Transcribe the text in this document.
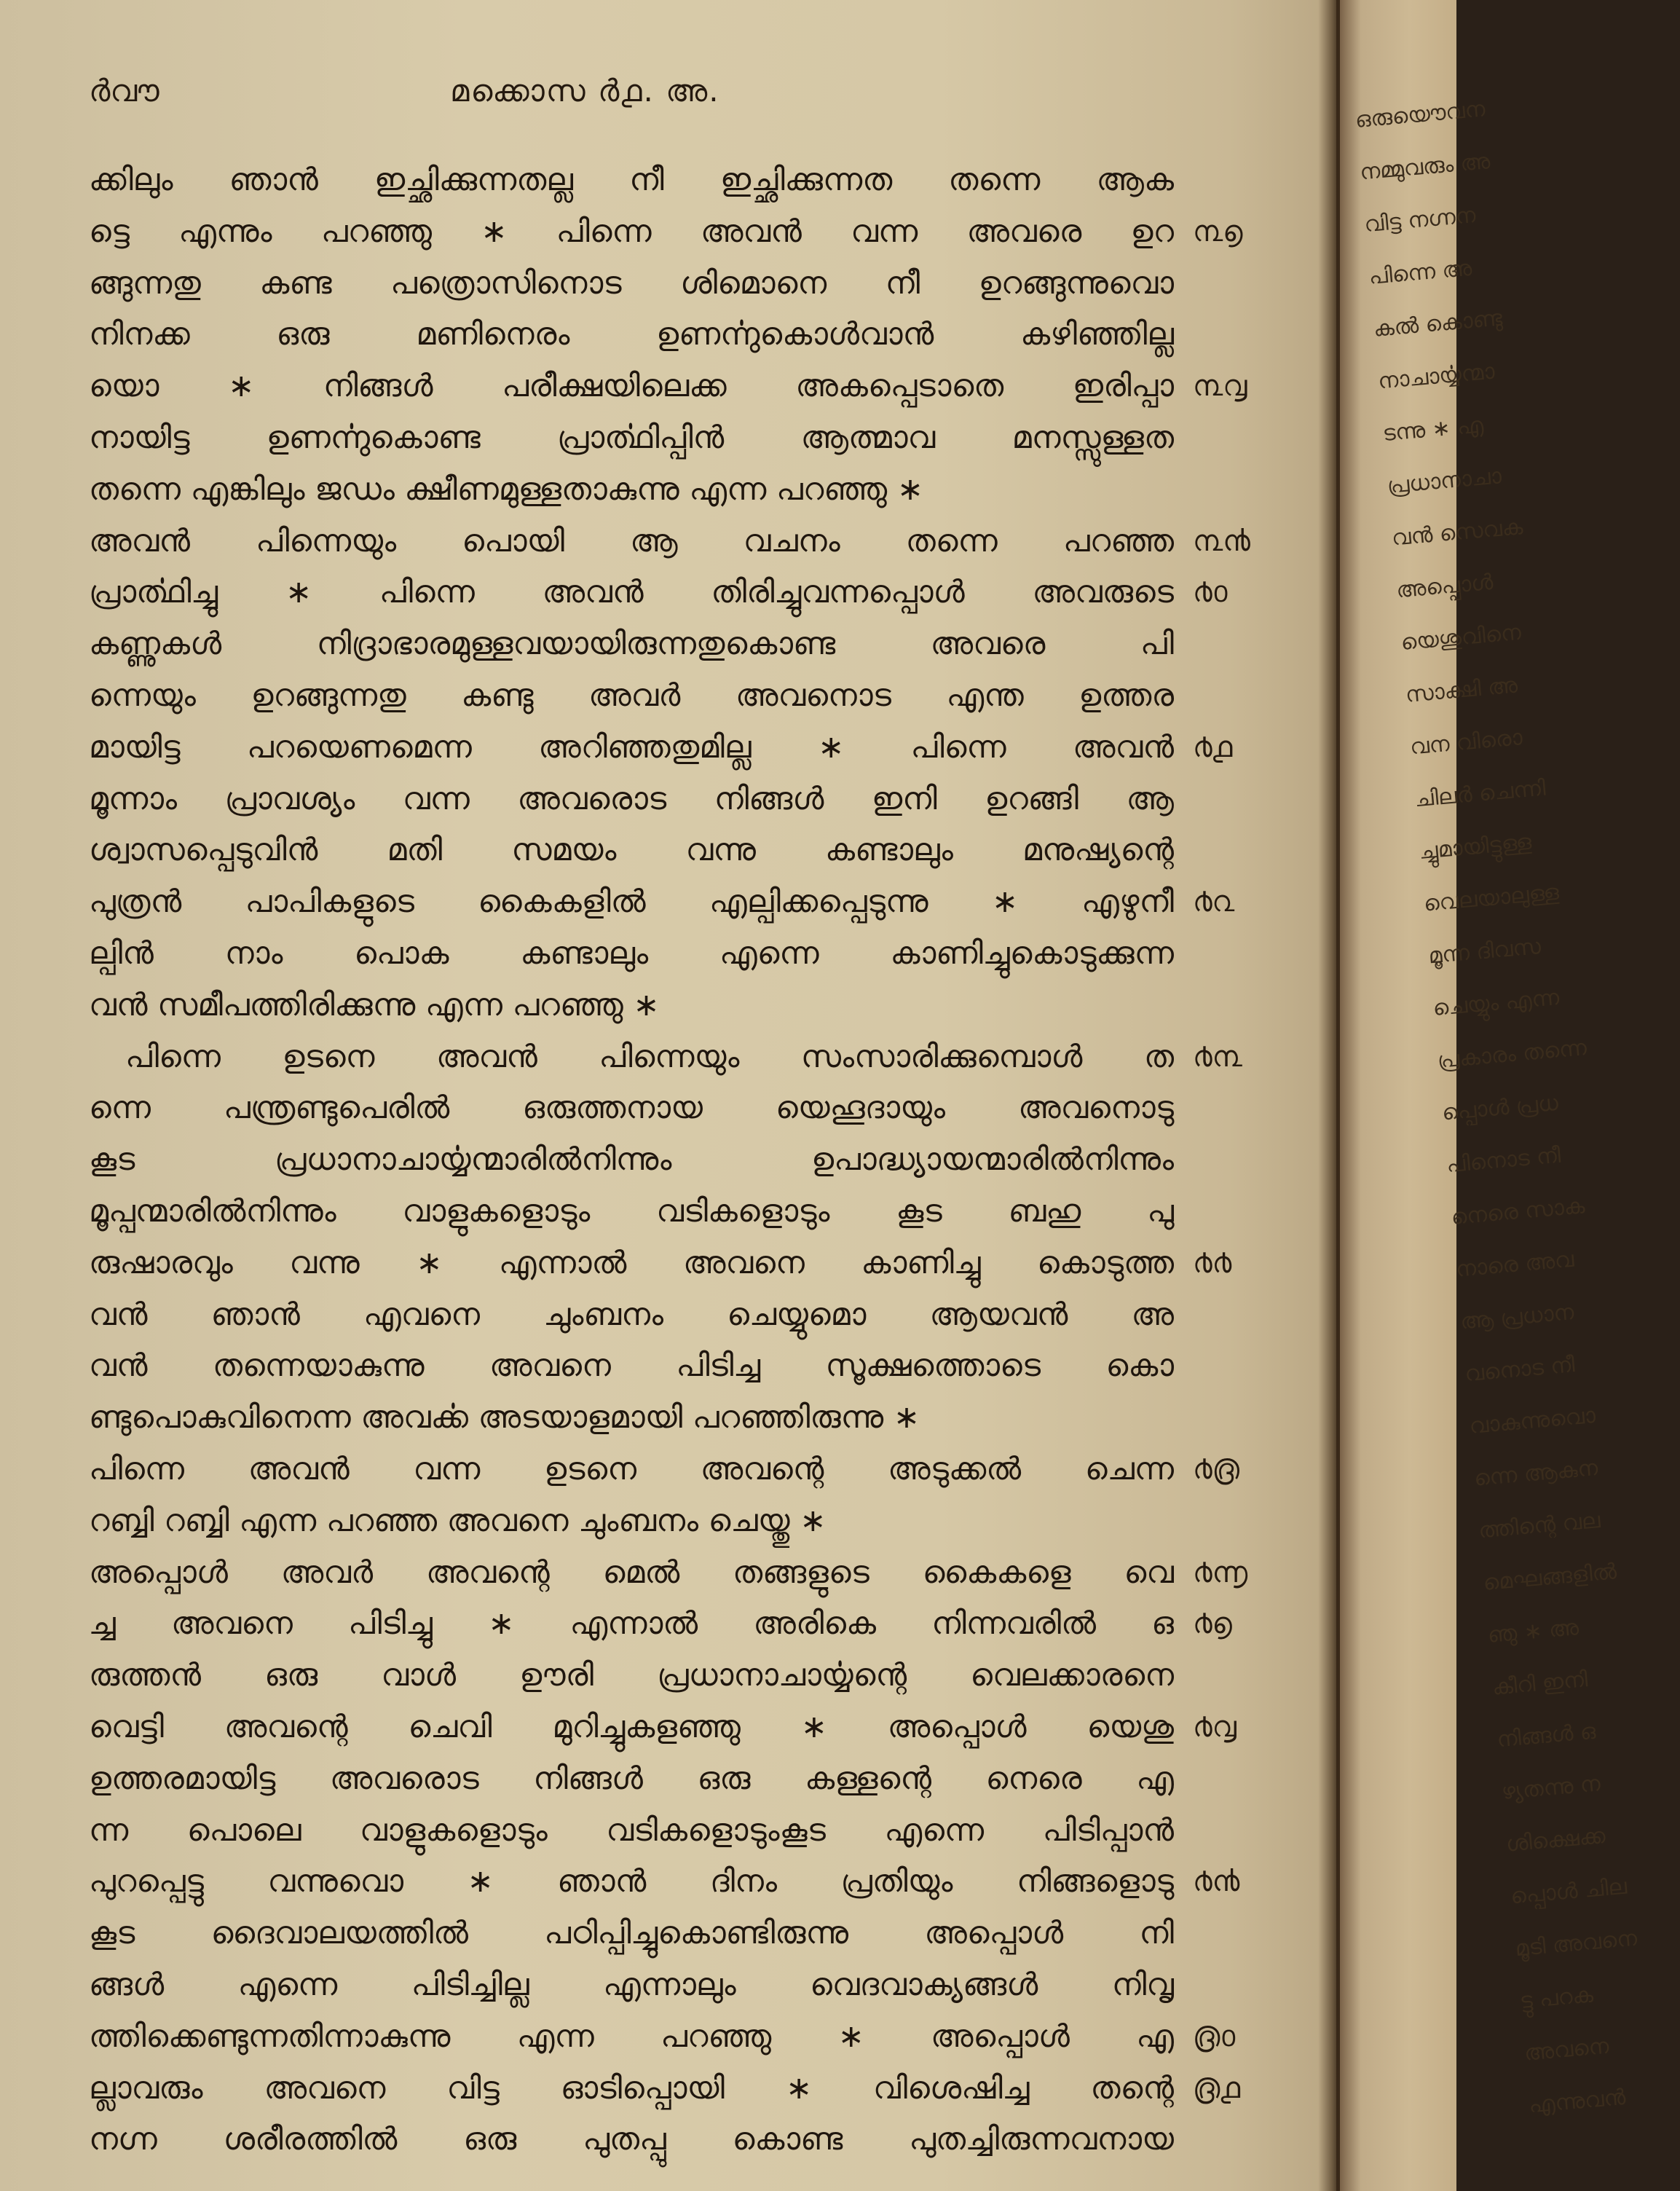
ർവൗ	മക്കൊസ ർ൧. അ.
ക്കിലും ഞാൻ ഇച്ഛിക്കുന്നതല്ല നീ ഇച്ഛിക്കുന്നത തന്നെ ആക
ട്ടെ എന്നും പറഞ്ഞു ∗ പിന്നെ അവൻ വന്ന അവരെ ഉറ ൩൭
ങ്ങുന്നതു കണ്ട പത്രൊസിനൊട ശിമൊനെ നീ ഉറങ്ങുന്നുവൊ
നിനക്ക ഒരു മണിനെരം ഉണൎന്നുകൊൾവാൻ കഴിഞ്ഞില്ല
യൊ ∗ നിങ്ങൾ പരീക്ഷയിലെക്ക അകപ്പെടാതെ ഇരിപ്പാ ൩൮
നായിട്ട ഉണൎന്നുകൊണ്ട പ്രാൎത്ഥിപ്പിൻ ആത്മാവ മനസ്സുള്ളത
തന്നെ എങ്കിലും ജഡം ക്ഷീണമുള്ളതാകുന്നു എന്ന പറഞ്ഞു ∗
അവൻ പിന്നെയും പൊയി ആ വചനം തന്നെ പറഞ്ഞ ൩൯
പ്രാൎത്ഥിച്ചു ∗ പിന്നെ അവൻ തിരിച്ചുവന്നപ്പൊൾ അവരുടെ ൪൦
കണ്ണുകൾ നിദ്രാഭാരമുള്ളവയായിരുന്നതുകൊണ്ട അവരെ പി
ന്നെയും ഉറങ്ങുന്നതു കണ്ടു അവർ അവനൊട എന്ത ഉത്തര
മായിട്ട പറയെണമെന്ന അറിഞ്ഞതുമില്ല ∗ പിന്നെ അവൻ ൪൧
മൂന്നാം പ്രാവശ്യം വന്ന അവരൊട നിങ്ങൾ ഇനി ഉറങ്ങി ആ
ശ്വാസപ്പെടുവിൻ മതി സമയം വന്നു കണ്ടാലും മനുഷ്യന്റെ
പുത്രൻ പാപികളുടെ കൈകളിൽ എല്പിക്കപ്പെടുന്നു ∗ എഴുനീ ൪൨
ല്പിൻ നാം പൊക കണ്ടാലും എന്നെ കാണിച്ചുകൊടുക്കുന്ന
വൻ സമീപത്തിരിക്കുന്നു എന്ന പറഞ്ഞു ∗
പിന്നെ ഉടനെ അവൻ പിന്നെയും സംസാരിക്കുമ്പൊൾ ത ൪൩
ന്നെ പന്ത്രണ്ടുപെരിൽ ഒരുത്തനായ യെഹൂദായും അവനൊടു
കൂട പ്രധാനാചാൎയ്യന്മാരിൽനിന്നും ഉപാദ്ധ്യായന്മാരിൽനിന്നും
മൂപ്പന്മാരിൽനിന്നും വാളുകളൊടും വടികളൊടും കൂട ബഹു പു
രുഷാരവും വന്നു ∗ എന്നാൽ അവനെ കാണിച്ചു കൊടുത്ത ൪൪
വൻ ഞാൻ എവനെ ചുംബനം ചെയ്യുമൊ ആയവൻ അ
വൻ തന്നെയാകുന്നു അവനെ പിടിച്ച സൂക്ഷത്തൊടെ കൊ
ണ്ടുപൊകുവിനെന്ന അവൎക്ക അടയാളമായി പറഞ്ഞിരുന്നു ∗
പിന്നെ അവൻ വന്ന ഉടനെ അവന്റെ അടുക്കൽ ചെന്ന ൪൫
റബ്ബി റബ്ബി എന്ന പറഞ്ഞ അവനെ ചുംബനം ചെയ്തു ∗
അപ്പൊൾ അവർ അവന്റെ മെൽ തങ്ങളുടെ കൈകളെ വെ ൪൬
ച്ച അവനെ പിടിച്ചു ∗ എന്നാൽ അരികെ നിന്നവരിൽ ഒ ൪൭
രുത്തൻ ഒരു വാൾ ഊരി പ്രധാനാചാൎയ്യന്റെ വെലക്കാരനെ
വെട്ടി അവന്റെ ചെവി മുറിച്ചുകളഞ്ഞു ∗ അപ്പൊൾ യെശു ൪൮
ഉത്തരമായിട്ട അവരൊട നിങ്ങൾ ഒരു കള്ളന്റെ നെരെ എ
ന്ന പൊലെ വാളുകളൊടും വടികളൊടുംകൂട എന്നെ പിടിപ്പാൻ
പുറപ്പെട്ടു വന്നുവൊ ∗ ഞാൻ ദിനം പ്രതിയും നിങ്ങളൊടു ൪൯
കൂട ദൈവാലയത്തിൽ പഠിപ്പിച്ചുകൊണ്ടിരുന്നു അപ്പൊൾ നി
ങ്ങൾ എന്നെ പിടിച്ചില്ല എന്നാലും വെദവാക്യങ്ങൾ നിവൃ
ത്തിക്കെണ്ടുന്നതിന്നാകുന്നു എന്ന പറഞ്ഞു ∗ അപ്പൊൾ എ ൫൦
ല്ലാവരും അവനെ വിട്ട ഓടിപ്പൊയി ∗ വിശെഷിച്ച തന്റെ ൫൧
നഗ്ന ശരീരത്തിൽ ഒരു പുതപ്പു കൊണ്ട പുതച്ചിരുന്നവനായ
ഒരുയൌവന
നമ്മുവരും അ
വിട്ട നഗ്നന
പിന്നെ അ
കൽ കൊണ്ടു
നാചാൎയ്യന്മാ
ടന്നു ∗ എ
പ്രധാനാചാ
വൻ സെവക
അപ്പൊൾ
യെശുവിനെ
സാക്ഷി അ
വന വിരൊ
ചിലർ ചെന്നി
ച്ചുമായിട്ടുള്ള
വെലയാലുള്ള
മൂന്ന ദിവസ
ചെയ്യും എന്ന
പ്രകാരം തന്നെ
പ്പൊൾ പ്രധ
പിനൊട നീ
നെരെ സാക
നാരെ അവ
ആ പ്രധാന
വനൊട നീ
വാകുന്നുവൊ
ന്നെ ആകുന
ത്തിന്റെ വല
മെഘങ്ങളിൽ
ഞു ∗ അ
കീറി ഇനി
നിങ്ങൾ ഒ
ഴ്യതന്നു ന
ശിക്ഷെക്ക
പ്പൊൾ ചില
മൂടി അവനെ
ട്ടു പറക
അവനെ
എന്നുവൻ
